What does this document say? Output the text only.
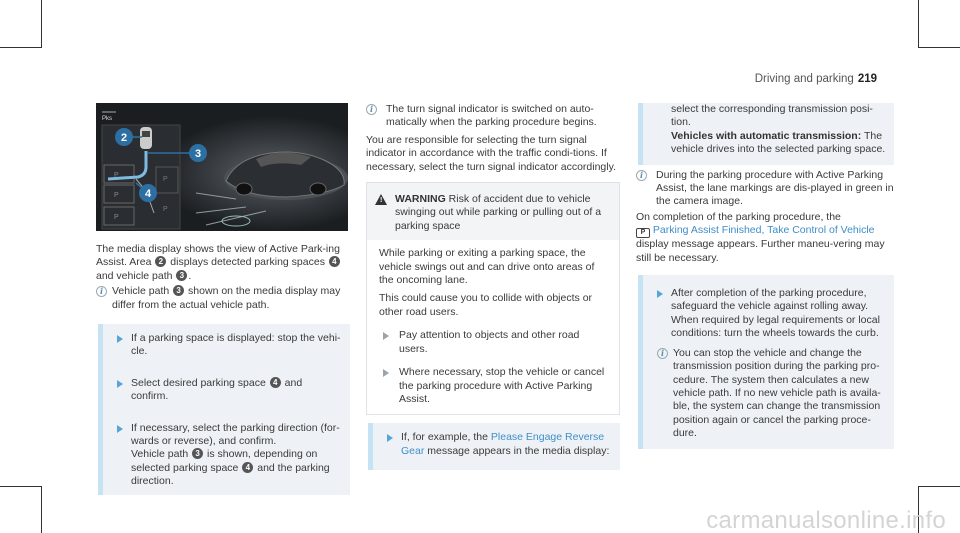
Driving and parking 219
Pks
P
P
P
P
P
2
3
4

The media display shows the view of Active Park-ing Assist. Area 2 displays detected parking spaces 4 and vehicle path 3 .

i Vehicle path 3 shown on the media display may differ from the actual vehicle path.
If a parking space is displayed: stop the vehi-cle.
Select desired parking space 4 and confirm.
If necessary, select the parking direction (for-wards or reverse), and confirm.
Vehicle path 3 is shown, depending on selected parking space 4 and the parking direction.
i	The turn signal indicator is switched on auto-matically when the parking procedure begins.

You are responsible for selecting the turn signal indicator in accordance with the traffic condi-tions. If necessary, select the turn signal indicator accordingly.

! WARNING Risk of accident due to vehicle swinging out while parking or pulling out of a parking space

While parking or exiting a parking space, the vehicle swings out and can drive onto areas of the oncoming lane.

This could cause you to collide with objects or other road users.

Pay attention to objects and other road users.
Where necessary, stop the vehicle or cancel the parking procedure with Active Parking Assist.
If, for example, the Please Engage Reverse Gear message appears in the media display:
select the corresponding transmission posi-tion.
Vehicles with automatic transmission: The vehicle drives into the selected parking space.
i	During the parking procedure with Active Parking Assist, the lane markings are dis-played in green in the camera image.

On completion of the parking procedure, the
P Parking Assist Finished, Take Control of Vehicle display message appears. Further maneu-vering may still be necessary.

After completion of the parking procedure, safeguard the vehicle against rolling away.
When required by legal requirements or local conditions: turn the wheels towards the curb.
i You can stop the vehicle and change the transmission position during the parking pro-cedure. The system then calculates a new vehicle path. If no new vehicle path is availa-ble, the system can change the transmission position again or cancel the parking proce-dure.
carmanualsonline.info
